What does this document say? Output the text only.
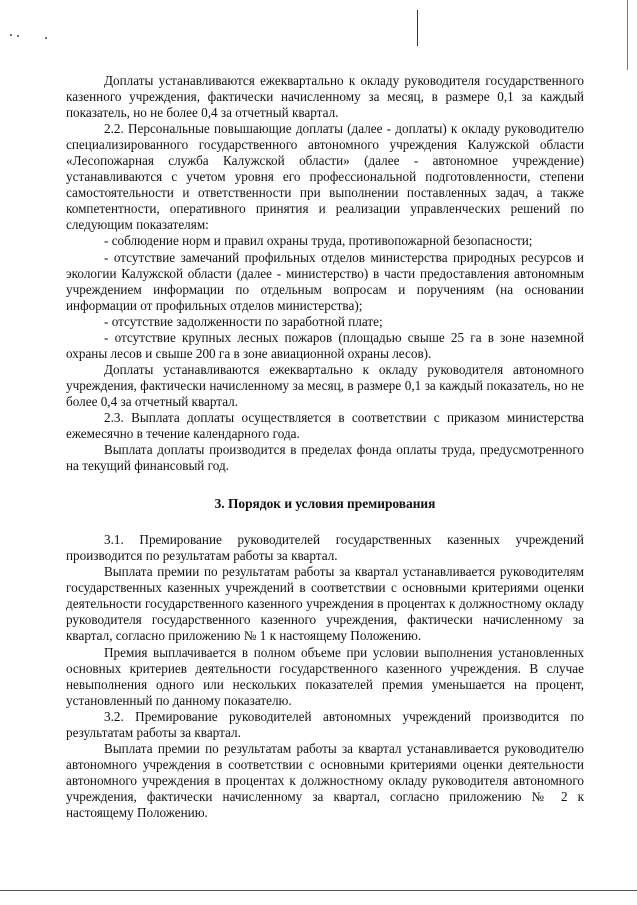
Доплаты устанавливаются ежеквартально к окладу руководителя государственного казенного учреждения, фактически начисленному за месяц, в размере 0,1 за каждый показатель, но не более 0,4 за отчетный квартал.

2.2. Персональные повышающие доплаты (далее - доплаты) к окладу руководителю специализированного государственного автономного учреждения Калужской области «Лесопожарная служба Калужской области» (далее - автономное учреждение) устанавливаются с учетом уровня его профессиональной подготовленности, степени самостоятельности и ответственности при выполнении поставленных задач, а также компетентности, оперативного принятия и реализации управленческих решений по следующим показателям:

- соблюдение норм и правил охраны труда, противопожарной безопасности;

- отсутствие замечаний профильных отделов министерства природных ресурсов и экологии Калужской области (далее - министерство) в части предоставления автономным учреждением информации по отдельным вопросам и поручениям (на основании информации от профильных отделов министерства);

- отсутствие задолженности по заработной плате;

- отсутствие крупных лесных пожаров (площадью свыше 25 га в зоне наземной охраны лесов и свыше 200 га в зоне авиационной охраны лесов).

Доплаты устанавливаются ежеквартально к окладу руководителя автономного учреждения, фактически начисленному за месяц, в размере 0,1 за каждый показатель, но не более 0,4 за отчетный квартал.

2.3. Выплата доплаты осуществляется в соответствии с приказом министерства ежемесячно в течение календарного года.

Выплата доплаты производится в пределах фонда оплаты труда, предусмотренного на текущий финансовый год.

3. Порядок и условия премирования

3.1. Премирование руководителей государственных казенных учреждений производится по результатам работы за квартал.

Выплата премии по результатам работы за квартал устанавливается руководителям государственных казенных учреждений в соответствии с основными критериями оценки деятельности государственного казенного учреждения в процентах к должностному окладу руководителя государственного казенного учреждения, фактически начисленному за квартал, согласно приложению № 1 к настоящему Положению.

Премия выплачивается в полном объеме при условии выполнения установленных основных критериев деятельности государственного казенного учреждения. В случае невыполнения одного или нескольких показателей премия уменьшается на процент, установленный по данному показателю.

3.2. Премирование руководителей автономных учреждений производится по результатам работы за квартал.

Выплата премии по результатам работы за квартал устанавливается руководителю автономного учреждения в соответствии с основными критериями оценки деятельности автономного учреждения в процентах к должностному окладу руководителя автономного учреждения, фактически начисленному за квартал, согласно приложению № 2 к настоящему Положению.
